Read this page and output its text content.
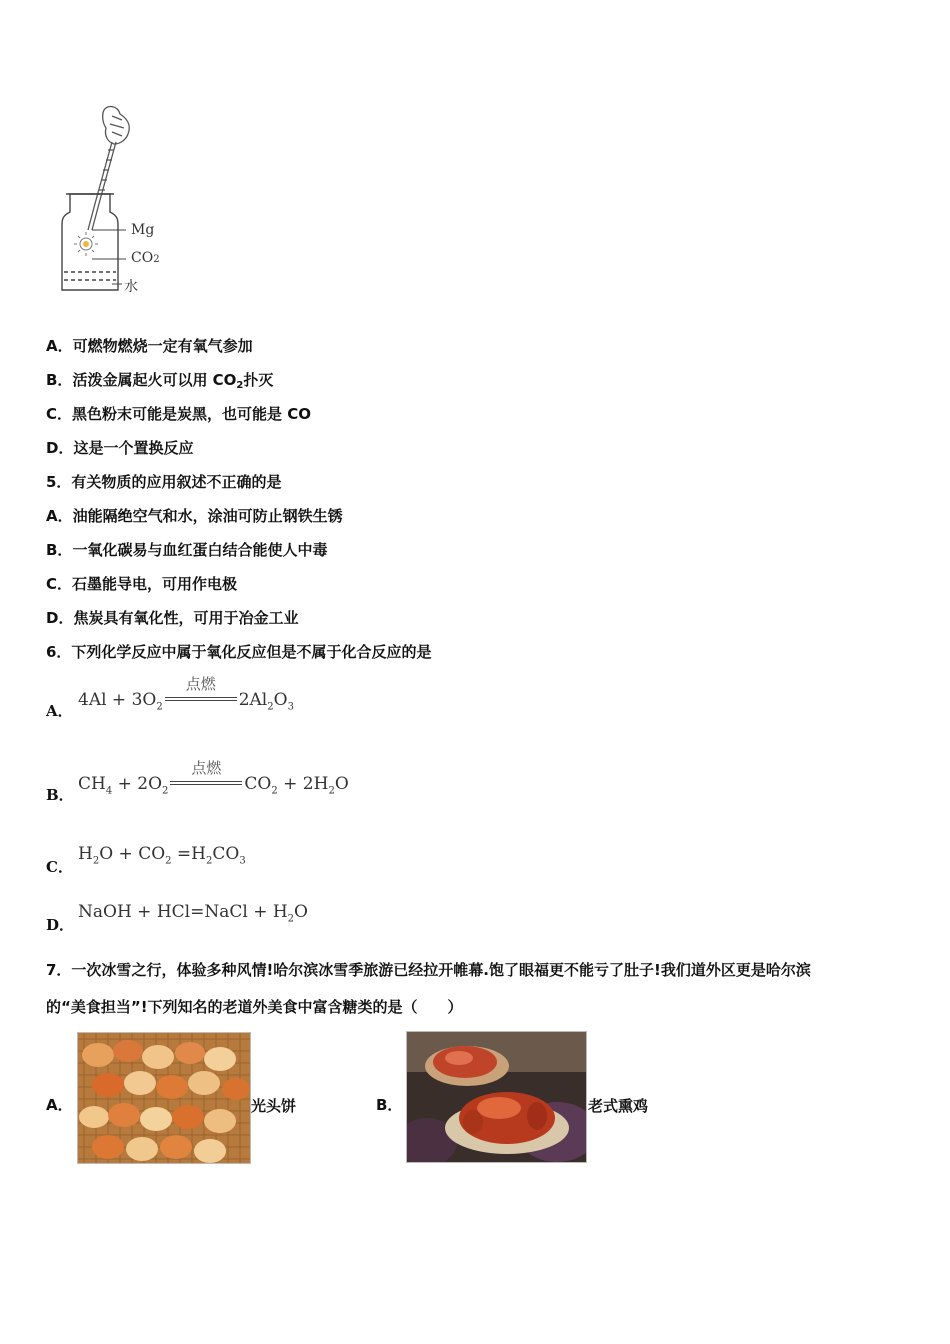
Mg
CO2
水
A．可燃物燃烧一定有氧气参加
B．活泼金属起火可以用 $CO_2$扑灭
C．黑色粉末可能是炭黑，也可能是 CO
D．这是一个置换反应
5．有关物质的应用叙述不正确的是
A．油能隔绝空气和水，涂油可防止钢铁生锈
B．一氧化碳易与血红蛋白结合能使人中毒
C．石墨能导电，可用作电极
D．焦炭具有氧化性，可用于冶金工业
6．下列化学反应中属于氧化反应但是不属于化合反应的是
A．
$4Al + 3O_2$
点燃
$2Al_2O_3$
B．
$CH_4 + 2O_2$
点燃
$CO_2 + 2H_2O$
C．
$H_2O + CO_2 =H_2CO_3$
D．
NaOH + HCl=NaCl + $H_2O$
7．一次冰雪之行，体验多种风情!哈尔滨冰雪季旅游已经拉开帷幕.饱了眼福更不能亏了肚子!我们道外区更是哈尔滨
的“美食担当”!下列知名的老道外美食中富含糖类的是（　　）
A．	光头饼	B．	老式熏鸡
